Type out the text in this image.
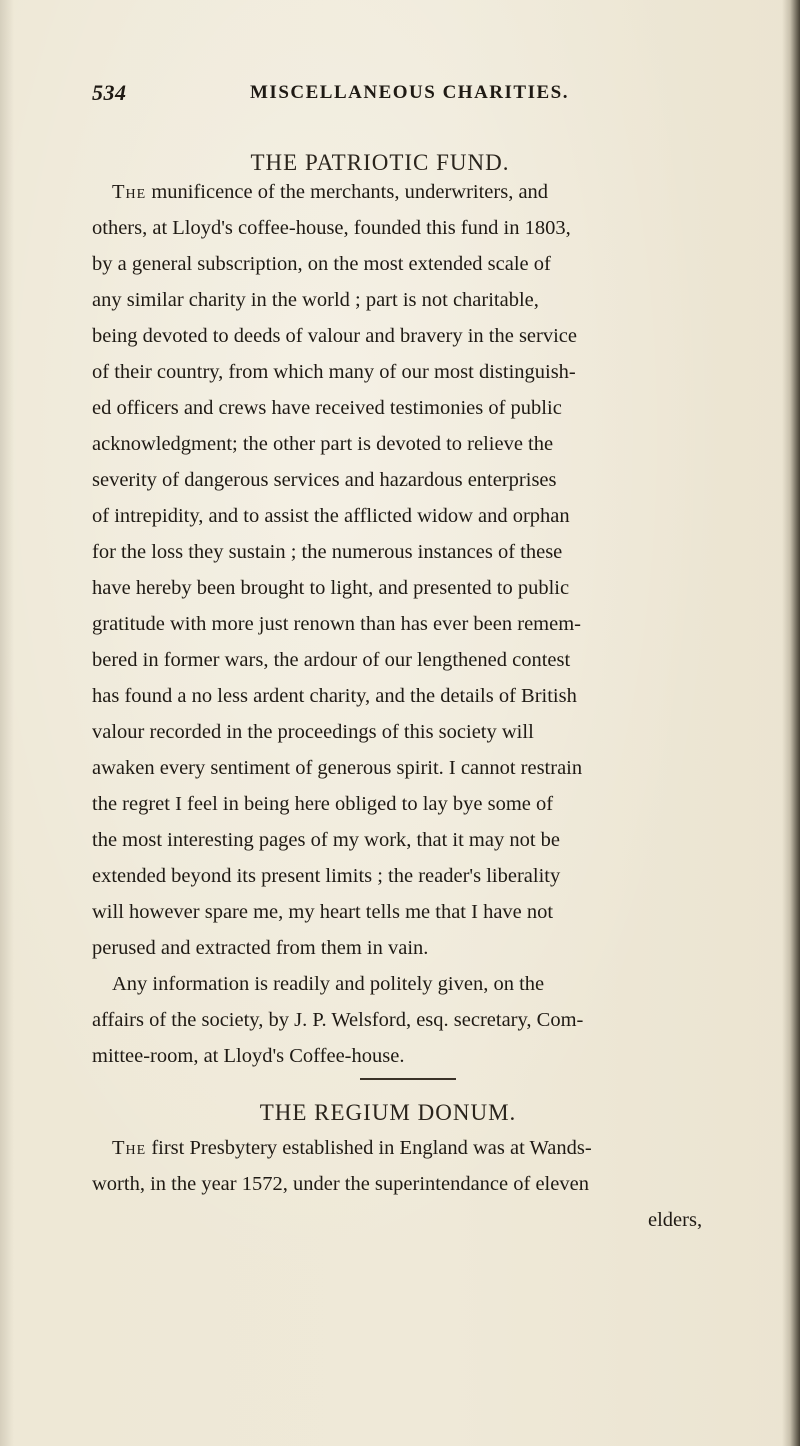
534	MISCELLANEOUS CHARITIES.
THE PATRIOTIC FUND.
The munificence of the merchants, underwriters, and
others, at Lloyd's coffee-house, founded this fund in 1803,
by a general subscription, on the most extended scale of
any similar charity in the world ; part is not charitable,
being devoted to deeds of valour and bravery in the service
of their country, from which many of our most distinguish-
ed officers and crews have received testimonies of public
acknowledgment; the other part is devoted to relieve the
severity of dangerous services and hazardous enterprises
of intrepidity, and to assist the afflicted widow and orphan
for the loss they sustain ; the numerous instances of these
have hereby been brought to light, and presented to public
gratitude with more just renown than has ever been remem-
bered in former wars, the ardour of our lengthened contest
has found a no less ardent charity, and the details of British
valour recorded in the proceedings of this society will
awaken every sentiment of generous spirit. I cannot restrain
the regret I feel in being here obliged to lay bye some of
the most interesting pages of my work, that it may not be
extended beyond its present limits ; the reader's liberality
will however spare me, my heart tells me that I have not
perused and extracted from them in vain.
Any information is readily and politely given, on the
affairs of the society, by J. P. Welsford, esq. secretary, Com-
mittee-room, at Lloyd's Coffee-house.
THE REGIUM DONUM.
The first Presbytery established in England was at Wands-
worth, in the year 1572, under the superintendance of eleven
elders,
